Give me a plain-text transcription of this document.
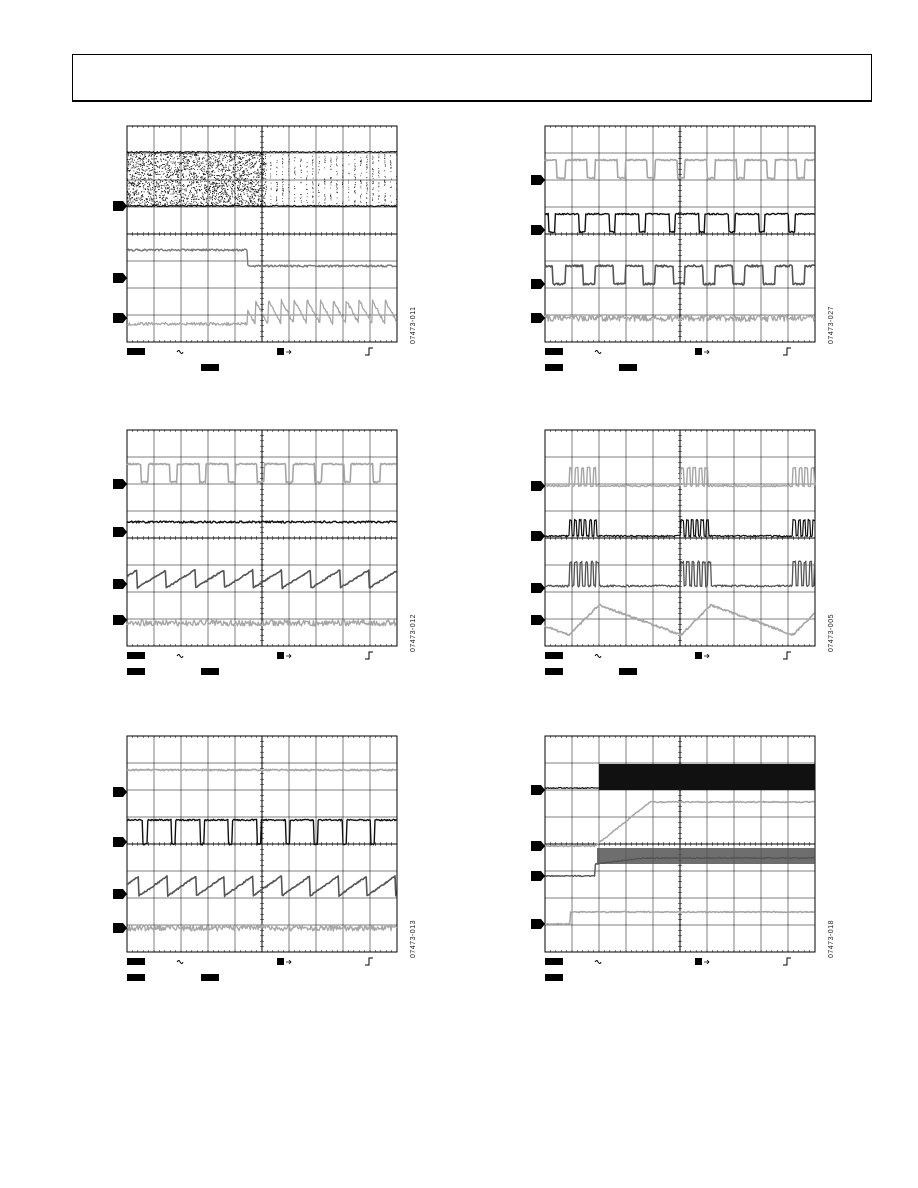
07473-011	07473-027
07473-012	07473-005
07473-013	07473-018
